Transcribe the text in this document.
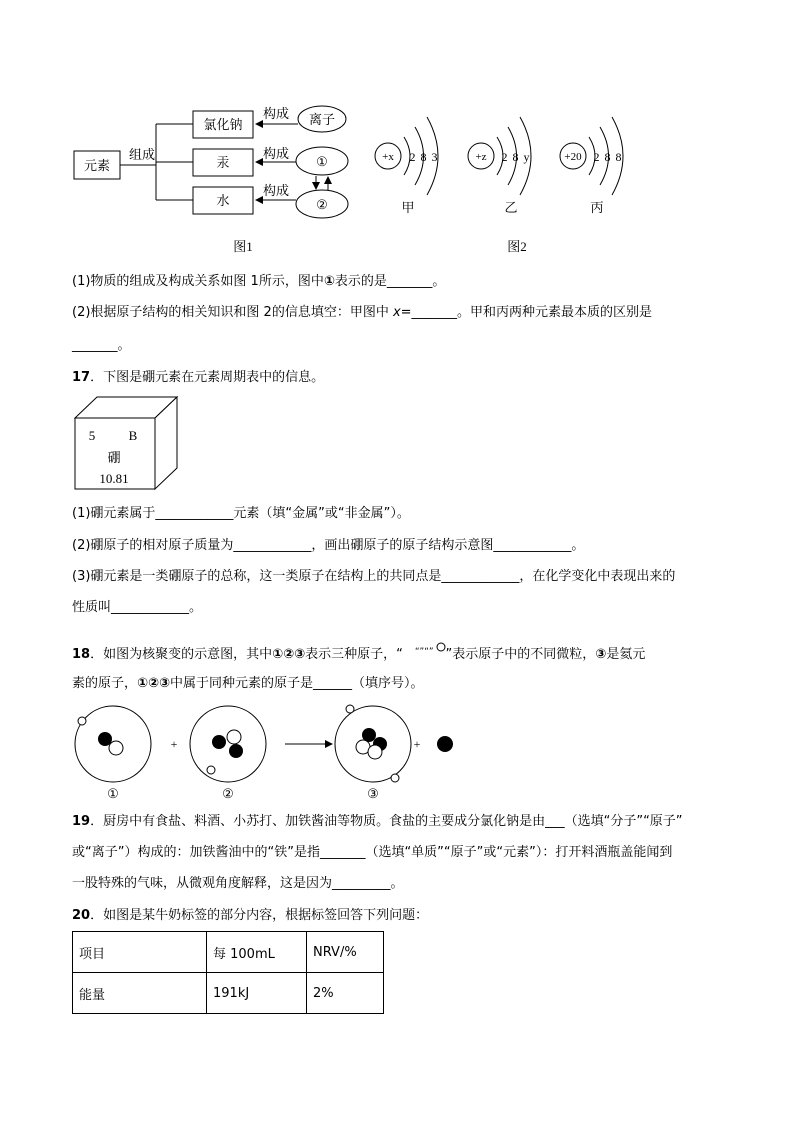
元素
组成
氯化钠
汞
水
构成
构成
构成
离子
①
②
图1
+x 2 8 3
甲
+z 2 8 y
乙
+20 2 8 8
丙
图2
(1)物质的组成及构成关系如图 1所示，图中①表示的是_______。
(2)根据原子结构的相关知识和图 2的信息填空：甲图中 x=_______。甲和丙两种元素最本质的区别是
_______。
17．下图是硼元素在元素周期表中的信息。
5	B
硼
10.81
(1)硼元素属于____________元素（填“金属”或“非金属”）。
(2)硼原子的相对原子质量为____________，画出硼原子的原子结构示意图____________。
(3)硼元素是一类硼原子的总称，这一类原子在结构上的共同点是____________，在化学变化中表现出来的
性质叫____________。
18．如图为核聚变的示意图，其中①②③表示三种原子，“ “”“” ”表示原子中的不同微粒，③是氦元
素的原子，①②③中属于同种元素的原子是______（填序号）。
+	+
①	②	③
19．厨房中有食盐、料酒、小苏打、加铁酱油等物质。食盐的主要成分氯化钠是由___（选填“分子”“原子”
或“离子”）构成的：加铁酱油中的“铁”是指_______（选填“单质”“原子”或“元素”）：打开料酒瓶盖能闻到
一股特殊的气味，从微观角度解释，这是因为_________。
20．如图是某牛奶标签的部分内容，根据标签回答下列问题：
项目	每 100mL	NRV/%
能量	191kJ	2%
